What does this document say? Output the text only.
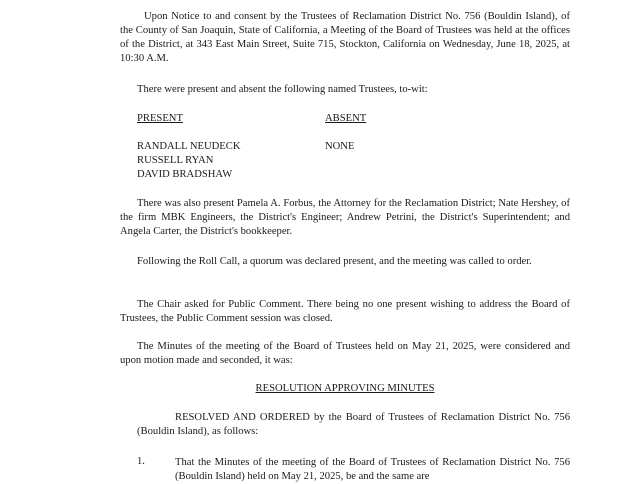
Upon Notice to and consent by the Trustees of Reclamation District No. 756 (Bouldin Island), of the County of San Joaquin, State of California, a Meeting of the Board of Trustees was held at the offices of the District, at 343 East Main Street, Suite 715, Stockton, California on Wednesday, June 18, 2025, at 10:30 A.M.

There were present and absent the following named Trustees, to-wit:

PRESENT
RANDALL NEUDECK
RUSSELL RYAN
DAVID BRADSHAW
ABSENT
NONE

There was also present Pamela A. Forbus, the Attorney for the Reclamation District; Nate Hershey, of the firm MBK Engineers, the District's Engineer; Andrew Petrini, the District's Superintendent; and Angela Carter, the District's bookkeeper.

Following the Roll Call, a quorum was declared present, and the meeting was called to order.

The Chair asked for Public Comment. There being no one present wishing to address the Board of Trustees, the Public Comment session was closed.

The Minutes of the meeting of the Board of Trustees held on May 21, 2025, were considered and upon motion made and seconded, it was:

RESOLUTION APPROVING MINUTES

RESOLVED AND ORDERED by the Board of Trustees of Reclamation District No. 756 (Bouldin Island), as follows:

1.	That the Minutes of the meeting of the Board of Trustees of Reclamation District No. 756 (Bouldin Island) held on May 21, 2025, be and the same are
